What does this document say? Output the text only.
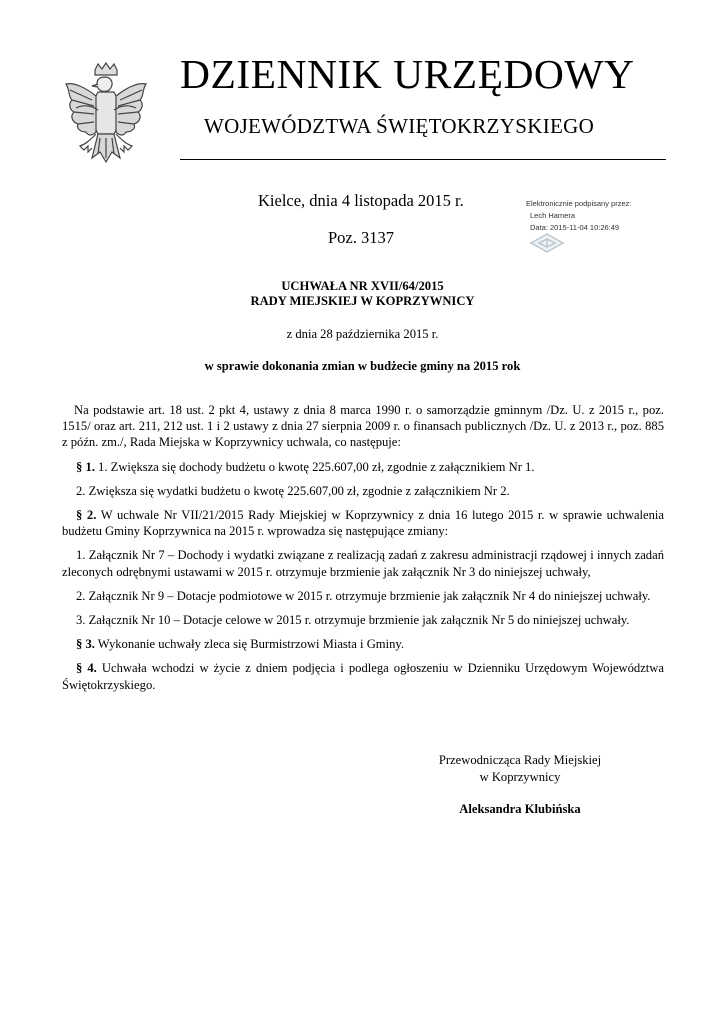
DZIENNIK URZĘDOWY
WOJEWÓDZTWA ŚWIĘTOKRZYSKIEGO
Kielce, dnia 4 listopada 2015 r.
Poz. 3137
Elektronicznie podpisany przez:
Lech Hamera
Data: 2015-11-04 10:26:49
UCHWAŁA NR XVII/64/2015
RADY MIEJSKIEJ W KOPRZYWNICY
z dnia 28 października 2015 r.
w sprawie dokonania zmian w budżecie gminy na 2015 rok

Na podstawie art. 18 ust. 2 pkt 4, ustawy z dnia 8 marca 1990 r. o samorządzie gminnym /Dz. U. z 2015 r., poz. 1515/ oraz art. 211, 212 ust. 1 i 2 ustawy z dnia 27 sierpnia 2009 r. o finansach publicznych /Dz. U. z 2013 r., poz. 885 z późn. zm./, Rada Miejska w Koprzywnicy uchwala, co następuje:

§ 1. 1. Zwiększa się dochody budżetu o kwotę 225.607,00 zł, zgodnie z załącznikiem Nr 1.

2. Zwiększa się wydatki budżetu o kwotę 225.607,00 zł, zgodnie z załącznikiem Nr 2.

§ 2. W uchwale Nr VII/21/2015 Rady Miejskiej w Koprzywnicy z dnia 16 lutego 2015 r. w sprawie uchwalenia budżetu Gminy Koprzywnica na 2015 r. wprowadza się następujące zmiany:

1. Załącznik Nr 7 – Dochody i wydatki związane z realizacją zadań z zakresu administracji rządowej i innych zadań zleconych odrębnymi ustawami w 2015 r. otrzymuje brzmienie jak załącznik Nr 3 do niniejszej uchwały,

2. Załącznik Nr 9 – Dotacje podmiotowe w 2015 r. otrzymuje brzmienie jak załącznik Nr 4 do niniejszej uchwały.

3. Załącznik Nr 10 – Dotacje celowe w 2015 r. otrzymuje brzmienie jak załącznik Nr 5 do niniejszej uchwały.

§ 3. Wykonanie uchwały zleca się Burmistrzowi Miasta i Gminy.

§ 4. Uchwała wchodzi w życie z dniem podjęcia i podlega ogłoszeniu w Dzienniku Urzędowym Województwa Świętokrzyskiego.

Przewodnicząca Rady Miejskiej
w Koprzywnicy
Aleksandra Klubińska
